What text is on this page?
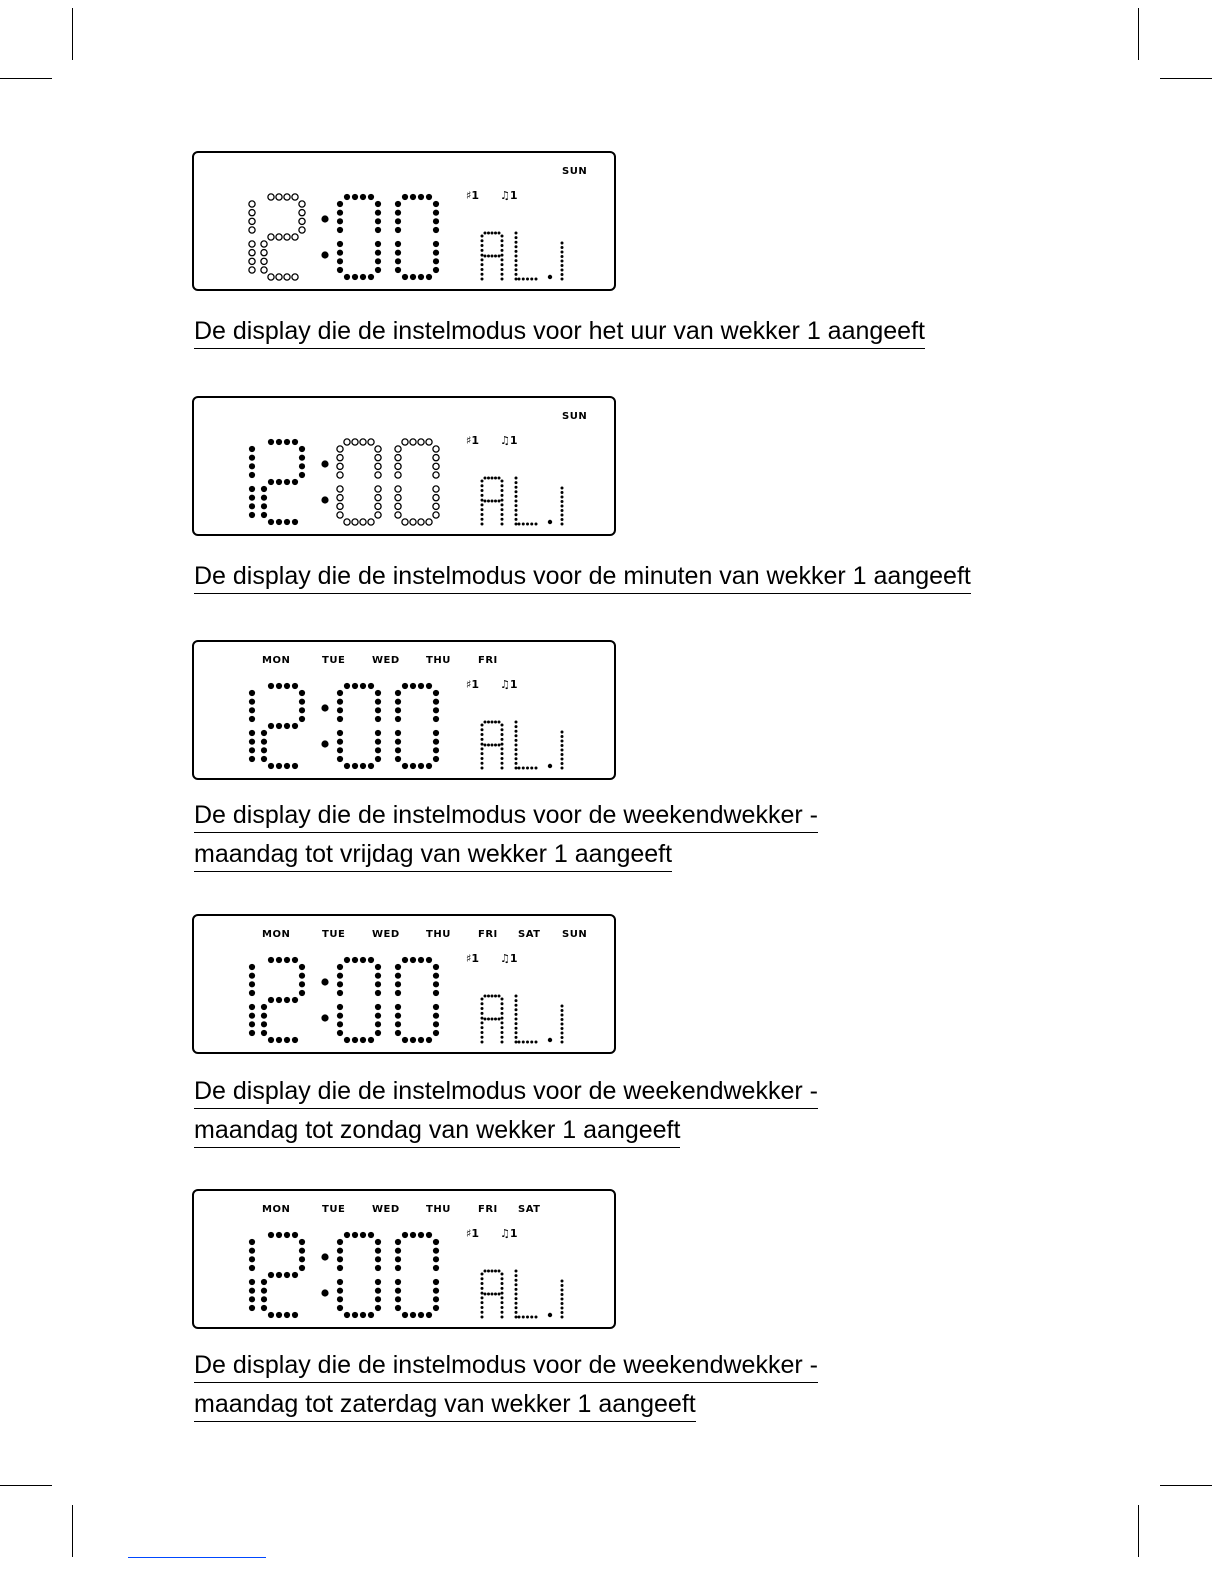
SUN
♯1 ♫1
De display die de instelmodus voor het uur van wekker 1 aangeeft
SUN
♯1 ♫1
De display die de instelmodus voor de minuten van wekker 1 aangeeft
MON	TUE	WED	THU	FRI
♯1 ♫1
De display die de instelmodus voor de weekendwekker -
maandag tot vrijdag van wekker 1 aangeeft
MON	TUE	WED	THU	FRI SAT SUN
♯1 ♫1
De display die de instelmodus voor de weekendwekker -
maandag tot zondag van wekker 1 aangeeft
MON	TUE	WED	THU	FRI SAT
♯1 ♫1
De display die de instelmodus voor de weekendwekker -
maandag tot zaterdag van wekker 1 aangeeft
